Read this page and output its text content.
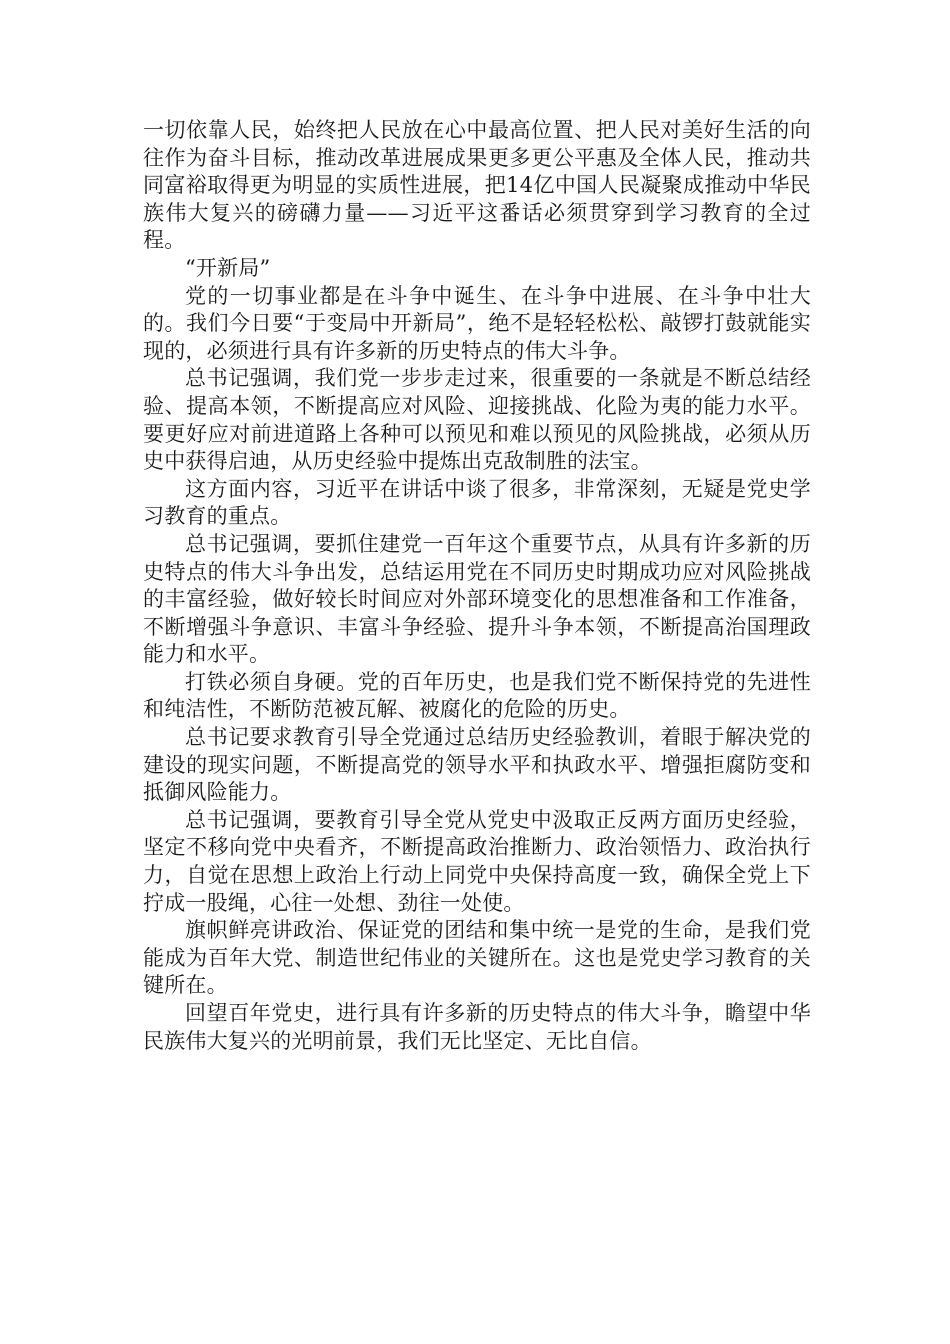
一切依靠人民，始终把人民放在心中最高位置、把人民对美好生活的向往作为奋斗目标，推动改革进展成果更多更公平惠及全体人民，推动共同富裕取得更为明显的实质性进展，把14亿中国人民凝聚成推动中华民族伟大复兴的磅礴力量——习近平这番话必须贯穿到学习教育的全过程。

“开新局”

党的一切事业都是在斗争中诞生、在斗争中进展、在斗争中壮大的。我们今日要“于变局中开新局”，绝不是轻轻松松、敲锣打鼓就能实现的，必须进行具有许多新的历史特点的伟大斗争。

总书记强调，我们党一步步走过来，很重要的一条就是不断总结经验、提高本领，不断提高应对风险、迎接挑战、化险为夷的能力水平。要更好应对前进道路上各种可以预见和难以预见的风险挑战，必须从历史中获得启迪，从历史经验中提炼出克敌制胜的法宝。

这方面内容，习近平在讲话中谈了很多，非常深刻，无疑是党史学习教育的重点。

总书记强调，要抓住建党一百年这个重要节点，从具有许多新的历史特点的伟大斗争出发，总结运用党在不同历史时期成功应对风险挑战的丰富经验，做好较长时间应对外部环境变化的思想准备和工作准备，不断增强斗争意识、丰富斗争经验、提升斗争本领，不断提高治国理政能力和水平。

打铁必须自身硬。党的百年历史，也是我们党不断保持党的先进性和纯洁性，不断防范被瓦解、被腐化的危险的历史。

总书记要求教育引导全党通过总结历史经验教训，着眼于解决党的建设的现实问题，不断提高党的领导水平和执政水平、增强拒腐防变和抵御风险能力。

总书记强调，要教育引导全党从党史中汲取正反两方面历史经验，坚定不移向党中央看齐，不断提高政治推断力、政治领悟力、政治执行力，自觉在思想上政治上行动上同党中央保持高度一致，确保全党上下拧成一股绳，心往一处想、劲往一处使。

旗帜鲜亮讲政治、保证党的团结和集中统一是党的生命，是我们党能成为百年大党、制造世纪伟业的关键所在。这也是党史学习教育的关键所在。

回望百年党史，进行具有许多新的历史特点的伟大斗争，瞻望中华民族伟大复兴的光明前景，我们无比坚定、无比自信。
